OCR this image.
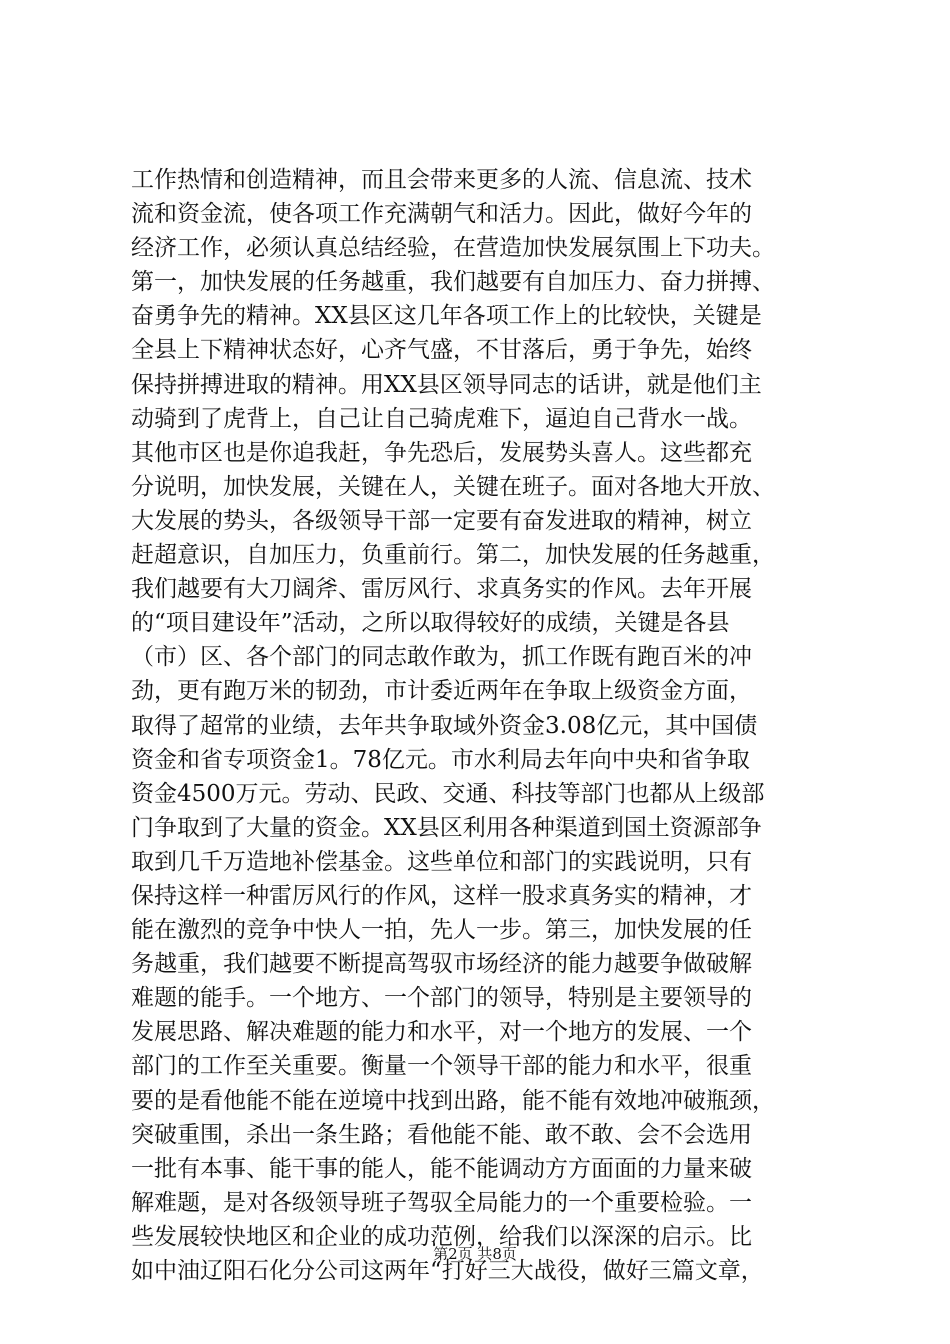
工作热情和创造精神，而且会带来更多的人流、信息流、技术
流和资金流，使各项工作充满朝气和活力。因此，做好今年的
经济工作，必须认真总结经验，在营造加快发展氛围上下功夫。
第一，加快发展的任务越重，我们越要有自加压力、奋力拼搏、
奋勇争先的精神。XX县区这几年各项工作上的比较快，关键是
全县上下精神状态好，心齐气盛，不甘落后，勇于争先，始终
保持拼搏进取的精神。用XX县区领导同志的话讲，就是他们主
动骑到了虎背上，自己让自己骑虎难下，逼迫自己背水一战。
其他市区也是你追我赶，争先恐后，发展势头喜人。这些都充
分说明，加快发展，关键在人，关键在班子。面对各地大开放、
大发展的势头，各级领导干部一定要有奋发进取的精神，树立
赶超意识，自加压力，负重前行。第二，加快发展的任务越重，
我们越要有大刀阔斧、雷厉风行、求真务实的作风。去年开展
的“项目建设年”活动，之所以取得较好的成绩，关键是各县
（市）区、各个部门的同志敢作敢为，抓工作既有跑百米的冲
劲，更有跑万米的韧劲，市计委近两年在争取上级资金方面，
取得了超常的业绩，去年共争取域外资金3.08亿元，其中国债
资金和省专项资金1。78亿元。市水利局去年向中央和省争取
资金4500万元。劳动、民政、交通、科技等部门也都从上级部
门争取到了大量的资金。XX县区利用各种渠道到国土资源部争
取到几千万造地补偿基金。这些单位和部门的实践说明，只有
保持这样一种雷厉风行的作风，这样一股求真务实的精神，才
能在激烈的竞争中快人一拍，先人一步。第三，加快发展的任
务越重，我们越要不断提高驾驭市场经济的能力越要争做破解
难题的能手。一个地方、一个部门的领导，特别是主要领导的
发展思路、解决难题的能力和水平，对一个地方的发展、一个
部门的工作至关重要。衡量一个领导干部的能力和水平，很重
要的是看他能不能在逆境中找到出路，能不能有效地冲破瓶颈，
突破重围，杀出一条生路；看他能不能、敢不敢、会不会选用
一批有本事、能干事的能人，能不能调动方方面面的力量来破
解难题，是对各级领导班子驾驭全局能力的一个重要检验。一
些发展较快地区和企业的成功范例，给我们以深深的启示。比
如中油辽阳石化分公司这两年“打好三大战役，做好三篇文章，
第2页 共8页
